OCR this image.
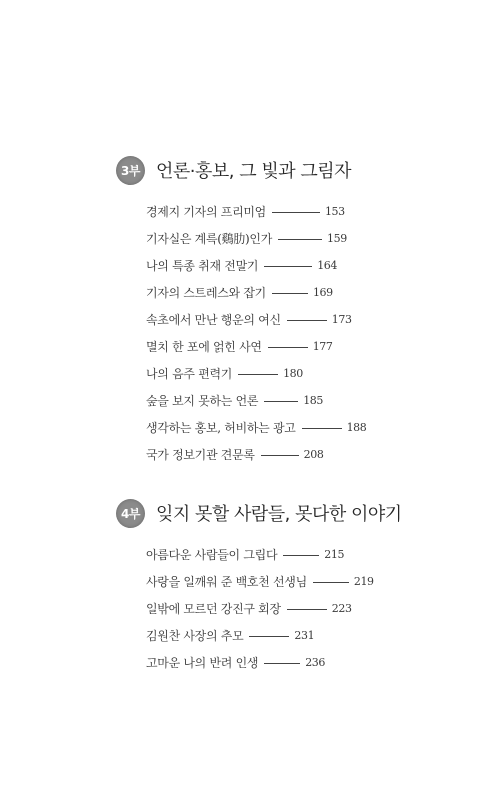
3부 언론·홍보, 그 빛과 그림자
경제지 기자의 프리미엄	153
기자실은 계륵(鷄肋)인가	159
나의 특종 취재 전말기	164
기자의 스트레스와 잡기	169
속초에서 만난 행운의 여신	173
멸치 한 포에 얽힌 사연	177
나의 음주 편력기	180
숲을 보지 못하는 언론	185
생각하는 홍보, 허비하는 광고	188
국가 정보기관 견문록	208
4부 잊지 못할 사람들, 못다한 이야기
아름다운 사람들이 그립다	215
사랑을 일깨워 준 백호천 선생님	219
일밖에 모르던 강진구 회장	223
김원찬 사장의 추모	231
고마운 나의 반려 인생	236
